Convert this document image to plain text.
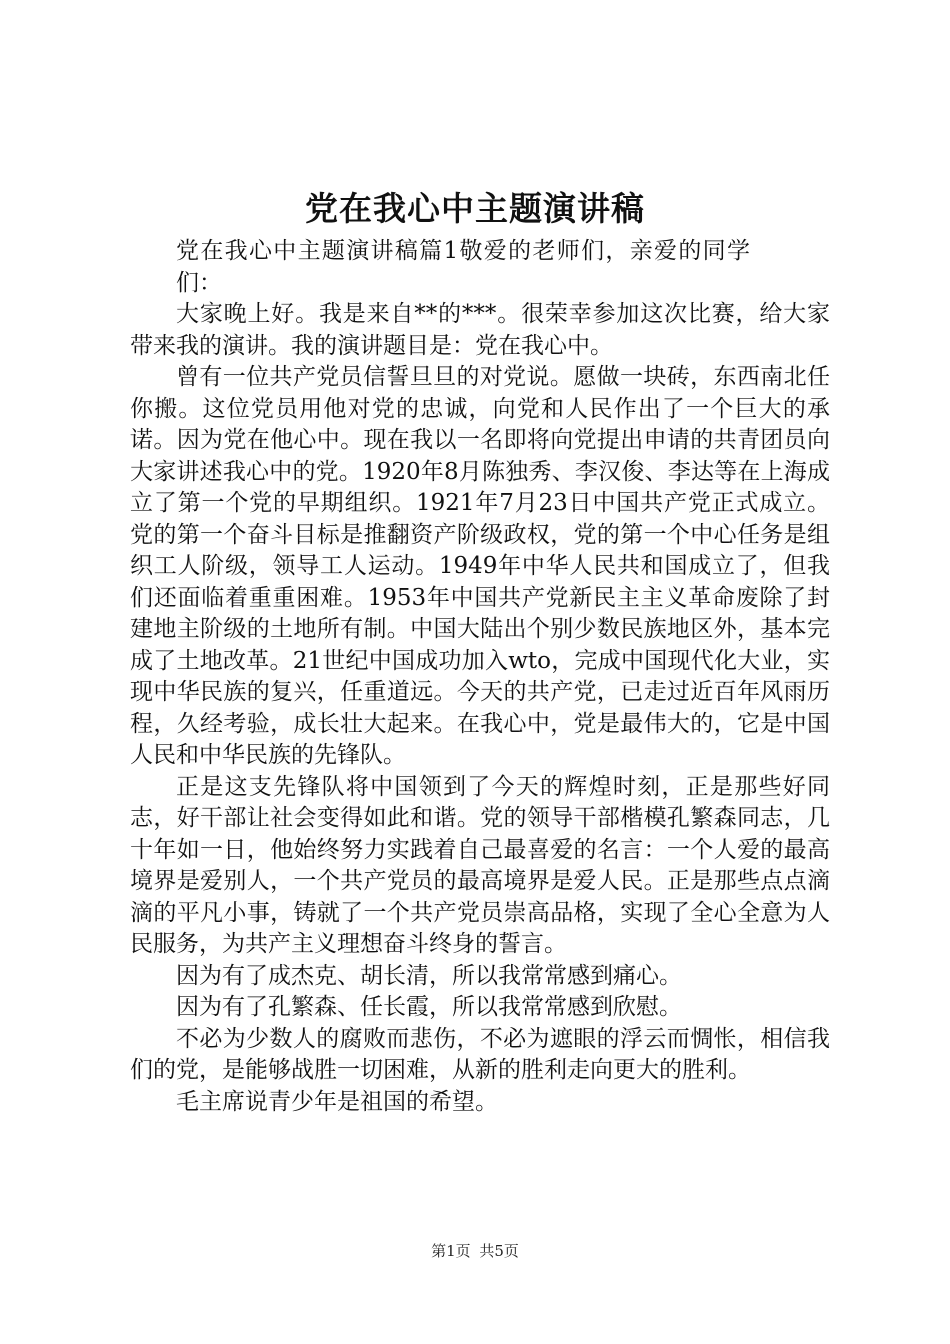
党在我心中主题演讲稿

党在我心中主题演讲稿篇1敬爱的老师们，亲爱的同学们：

大家晚上好。我是来自**的***。很荣幸参加这次比赛，给大家带来我的演讲。我的演讲题目是：党在我心中。

曾有一位共产党员信誓旦旦的对党说。愿做一块砖，东西南北任你搬。这位党员用他对党的忠诚，向党和人民作出了一个巨大的承诺。因为党在他心中。现在我以一名即将向党提出申请的共青团员向大家讲述我心中的党。1920年8月陈独秀、李汉俊、李达等在上海成立了第一个党的早期组织。1921年7月23日中国共产党正式成立。党的第一个奋斗目标是推翻资产阶级政权，党的第一个中心任务是组织工人阶级，领导工人运动。1949年中华人民共和国成立了，但我们还面临着重重困难。1953年中国共产党新民主主义革命废除了封建地主阶级的土地所有制。中国大陆出个别少数民族地区外，基本完成了土地改革。21世纪中国成功加入wto，完成中国现代化大业，实现中华民族的复兴，任重道远。今天的共产党，已走过近百年风雨历程，久经考验，成长壮大起来。在我心中，党是最伟大的，它是中国人民和中华民族的先锋队。

正是这支先锋队将中国领到了今天的辉煌时刻，正是那些好同志，好干部让社会变得如此和谐。党的领导干部楷模孔繁森同志，几十年如一日，他始终努力实践着自己最喜爱的名言：一个人爱的最高境界是爱别人，一个共产党员的最高境界是爱人民。正是那些点点滴滴的平凡小事，铸就了一个共产党员崇高品格，实现了全心全意为人民服务，为共产主义理想奋斗终身的誓言。

因为有了成杰克、胡长清，所以我常常感到痛心。

因为有了孔繁森、任长霞，所以我常常感到欣慰。

不必为少数人的腐败而悲伤，不必为遮眼的浮云而惆怅，相信我们的党，是能够战胜一切困难，从新的胜利走向更大的胜利。

毛主席说青少年是祖国的希望。

第1页 共5页
